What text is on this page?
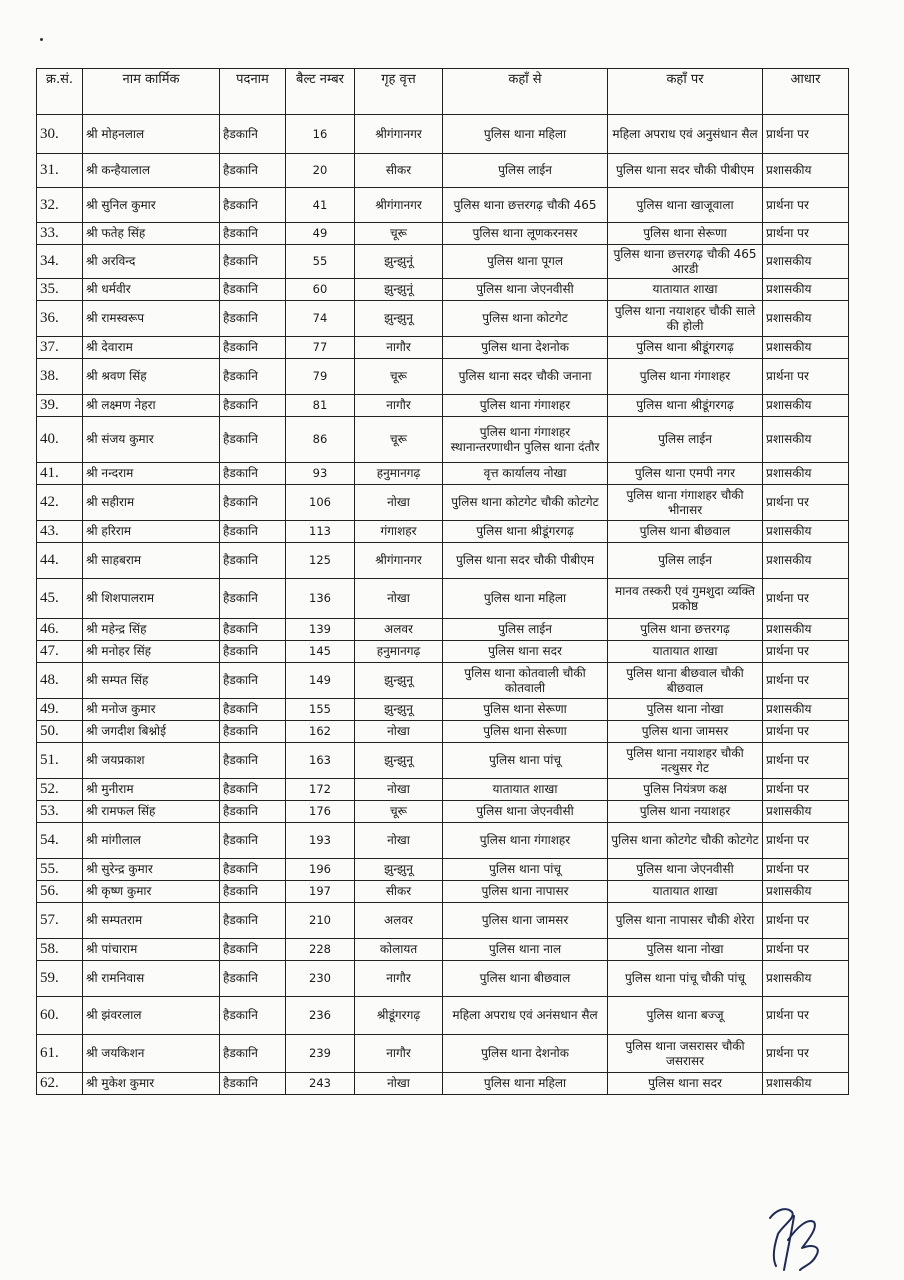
क्र.सं.	नाम कार्मिक	पदनाम	बैल्ट नम्बर	गृह वृत्त	कहाँ से	कहाँ पर	आधार
30.	श्री मोहनलाल	हैडकानि	16	श्रीगंगानगर	पुलिस थाना महिला	महिला अपराध एवं अनुसंधान सैल	प्रार्थना पर
31.	श्री कन्हैयालाल	हैडकानि	20	सीकर	पुलिस लाईन	पुलिस थाना सदर चौकी पीबीएम	प्रशासकीय
32.	श्री सुनिल कुमार	हैडकानि	41	श्रीगंगानगर	पुलिस थाना छत्तरगढ़ चौकी 465	पुलिस थाना खाजूवाला	प्रार्थना पर
33.	श्री फतेह सिंह	हैडकानि	49	चूरू	पुलिस थाना लूणकरनसर	पुलिस थाना सेरूणा	प्रार्थना पर
34.	श्री अरविन्द	हैडकानि	55	झुन्झुनूं	पुलिस थाना पूगल	पुलिस थाना छत्तरगढ़ चौकी 465 आरडी	प्रशासकीय
35.	श्री धर्मवीर	हैडकानि	60	झुन्झुनूं	पुलिस थाना जेएनवीसी	यातायात शाखा	प्रशासकीय
36.	श्री रामस्वरूप	हैडकानि	74	झुन्झुनू	पुलिस थाना कोटगेट	पुलिस थाना नयाशहर चौकी साले की होली	प्रशासकीय
37.	श्री देवाराम	हैडकानि	77	नागौर	पुलिस थाना देशनोक	पुलिस थाना श्रीडूंगरगढ़	प्रशासकीय
38.	श्री श्रवण सिंह	हैडकानि	79	चूरू	पुलिस थाना सदर चौकी जनाना	पुलिस थाना गंगाशहर	प्रार्थना पर
39.	श्री लक्ष्मण नेहरा	हैडकानि	81	नागौर	पुलिस थाना गंगाशहर	पुलिस थाना श्रीडूंगरगढ़	प्रशासकीय
40.	श्री संजय कुमार	हैडकानि	86	चूरू	पुलिस थाना गंगाशहर स्थानान्तरणाधीन पुलिस थाना दंतौर	पुलिस लाईन	प्रशासकीय
41.	श्री नन्दराम	हैडकानि	93	हनुमानगढ़	वृत्त कार्यालय नोखा	पुलिस थाना एमपी नगर	प्रशासकीय
42.	श्री सहीराम	हैडकानि	106	नोखा	पुलिस थाना कोटगेट चौकी कोटगेट	पुलिस थाना गंगाशहर चौकी भीनासर	प्रार्थना पर
43.	श्री हरिराम	हैडकानि	113	गंगाशहर	पुलिस थाना श्रीडूंगरगढ़	पुलिस थाना बीछवाल	प्रशासकीय
44.	श्री साहबराम	हैडकानि	125	श्रीगंगानगर	पुलिस थाना सदर चौकी पीबीएम	पुलिस लाईन	प्रशासकीय
45.	श्री शिशपालराम	हैडकानि	136	नोखा	पुलिस थाना महिला	मानव तस्करी एवं गुमशुदा व्यक्ति प्रकोष्ठ	प्रार्थना पर
46.	श्री महेन्द्र सिंह	हैडकानि	139	अलवर	पुलिस लाईन	पुलिस थाना छत्तरगढ़	प्रशासकीय
47.	श्री मनोहर सिंह	हैडकानि	145	हनुमानगढ़	पुलिस थाना सदर	यातायात शाखा	प्रार्थना पर
48.	श्री सम्पत सिंह	हैडकानि	149	झुन्झुनू	पुलिस थाना कोतवाली चौकी कोतवाली	पुलिस थाना बीछवाल चौकी बीछवाल	प्रार्थना पर
49.	श्री मनोज कुमार	हैडकानि	155	झुन्झुनू	पुलिस थाना सेरूणा	पुलिस थाना नोखा	प्रशासकीय
50.	श्री जगदीश बिश्नोई	हैडकानि	162	नोखा	पुलिस थाना सेरूणा	पुलिस थाना जामसर	प्रार्थना पर
51.	श्री जयप्रकाश	हैडकानि	163	झुन्झुनू	पुलिस थाना पांचू	पुलिस थाना नयाशहर चौकी नत्थुसर गेट	प्रार्थना पर
52.	श्री मुनीराम	हैडकानि	172	नोखा	यातायात शाखा	पुलिस नियंत्रण कक्ष	प्रार्थना पर
53.	श्री रामफल सिंह	हैडकानि	176	चूरू	पुलिस थाना जेएनवीसी	पुलिस थाना नयाशहर	प्रशासकीय
54.	श्री मांगीलाल	हैडकानि	193	नोखा	पुलिस थाना गंगाशहर	पुलिस थाना कोटगेट चौकी कोटगेट	प्रार्थना पर
55.	श्री सुरेन्द्र कुमार	हैडकानि	196	झुन्झुनू	पुलिस थाना पांचू	पुलिस थाना जेएनवीसी	प्रार्थना पर
56.	श्री कृष्ण कुमार	हैडकानि	197	सीकर	पुलिस थाना नापासर	यातायात शाखा	प्रशासकीय
57.	श्री सम्पतराम	हैडकानि	210	अलवर	पुलिस थाना जामसर	पुलिस थाना नापासर चौकी शेरेरा	प्रार्थना पर
58.	श्री पांचाराम	हैडकानि	228	कोलायत	पुलिस थाना नाल	पुलिस थाना नोखा	प्रार्थना पर
59.	श्री रामनिवास	हैडकानि	230	नागौर	पुलिस थाना बीछवाल	पुलिस थाना पांचू चौकी पांचू	प्रशासकीय
60.	श्री झंवरलाल	हैडकानि	236	श्रीडूंगरगढ़	महिला अपराध एवं अनंसधान सैल	पुलिस थाना बज्जू	प्रार्थना पर
61.	श्री जयकिशन	हैडकानि	239	नागौर	पुलिस थाना देशनोक	पुलिस थाना जसरासर चौकी जसरासर	प्रार्थना पर
62.	श्री मुकेश कुमार	हैडकानि	243	नोखा	पुलिस थाना महिला	पुलिस थाना सदर	प्रशासकीय
